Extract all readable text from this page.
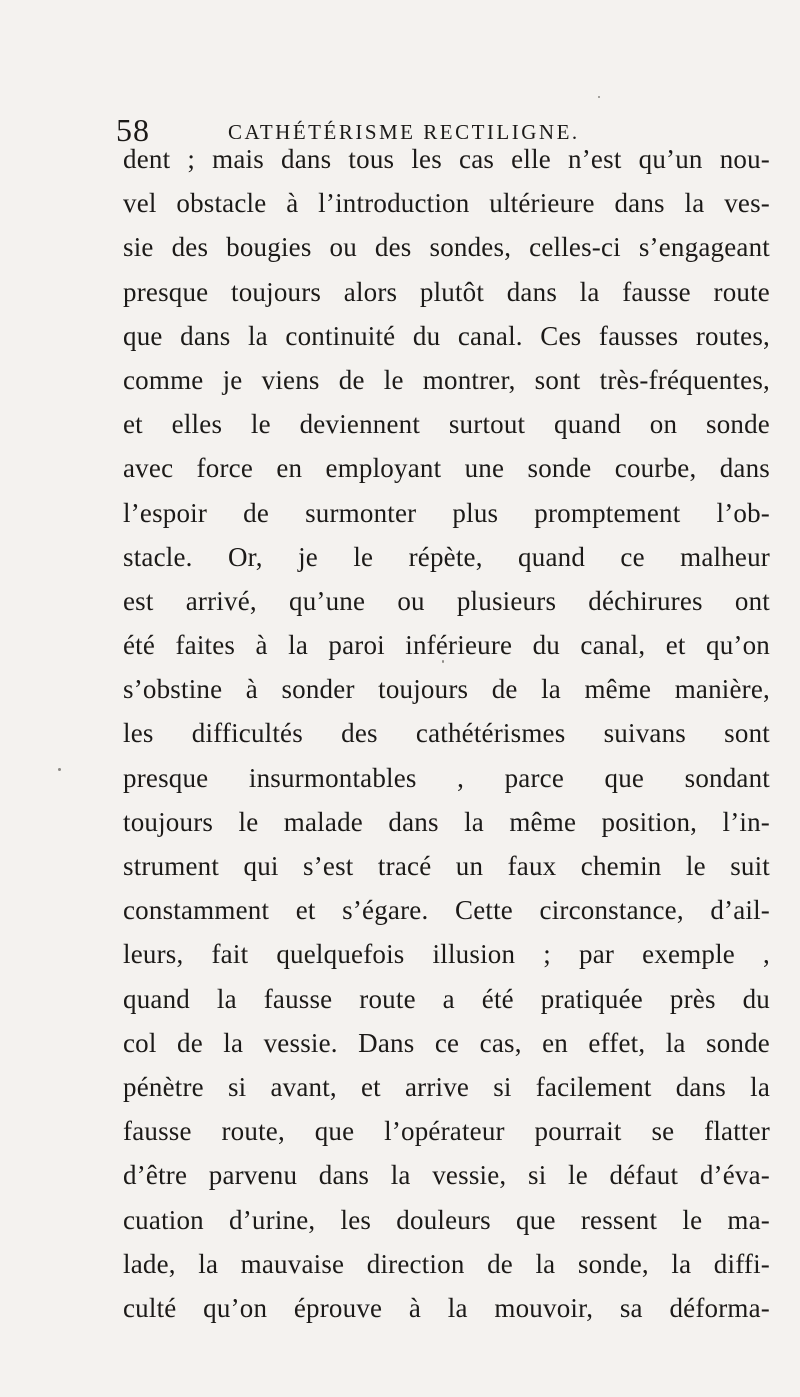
58	CATHÉTÉRISME RECTILIGNE.
dent ; mais dans tous les cas elle n’est qu’un nou-
vel obstacle à l’introduction ultérieure dans la ves-
sie des bougies ou des sondes, celles-ci s’engageant
presque toujours alors plutôt dans la fausse route
que dans la continuité du canal. Ces fausses routes,
comme je viens de le montrer, sont très-fréquentes,
et elles le deviennent surtout quand on sonde
avec force en employant une sonde courbe, dans
l’espoir de surmonter plus promptement l’ob-
stacle. Or, je le répète, quand ce malheur
est arrivé, qu’une ou plusieurs déchirures ont
été faites à la paroi inférieure du canal, et qu’on
s’obstine à sonder toujours de la même manière,
les difficultés des cathétérismes suivans sont
presque insurmontables , parce que sondant
toujours le malade dans la même position, l’in-
strument qui s’est tracé un faux chemin le suit
constamment et s’égare. Cette circonstance, d’ail-
leurs, fait quelquefois illusion ; par exemple ,
quand la fausse route a été pratiquée près du
col de la vessie. Dans ce cas, en effet, la sonde
pénètre si avant, et arrive si facilement dans la
fausse route, que l’opérateur pourrait se flatter
d’être parvenu dans la vessie, si le défaut d’éva-
cuation d’urine, les douleurs que ressent le ma-
lade, la mauvaise direction de la sonde, la diffi-
culté qu’on éprouve à la mouvoir, sa déforma-
